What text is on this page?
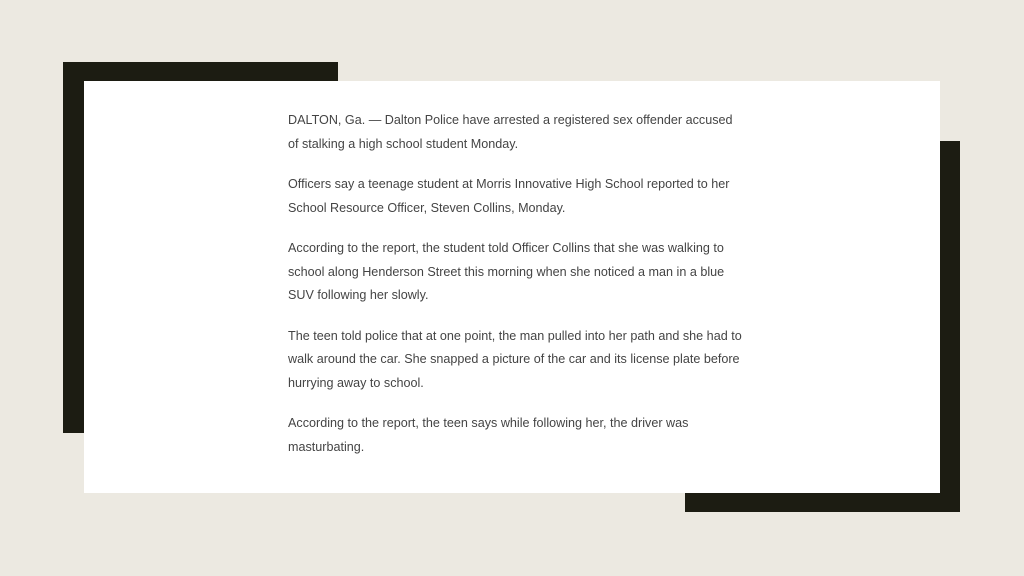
DALTON, Ga. — Dalton Police have arrested a registered sex offender accused of stalking a high school student Monday.

Officers say a teenage student at Morris Innovative High School reported to her School Resource Officer, Steven Collins, Monday.

According to the report, the student told Officer Collins that she was walking to school along Henderson Street this morning when she noticed a man in a blue SUV following her slowly.

The teen told police that at one point, the man pulled into her path and she had to walk around the car. She snapped a picture of the car and its license plate before hurrying away to school.

According to the report, the teen says while following her, the driver was masturbating.
